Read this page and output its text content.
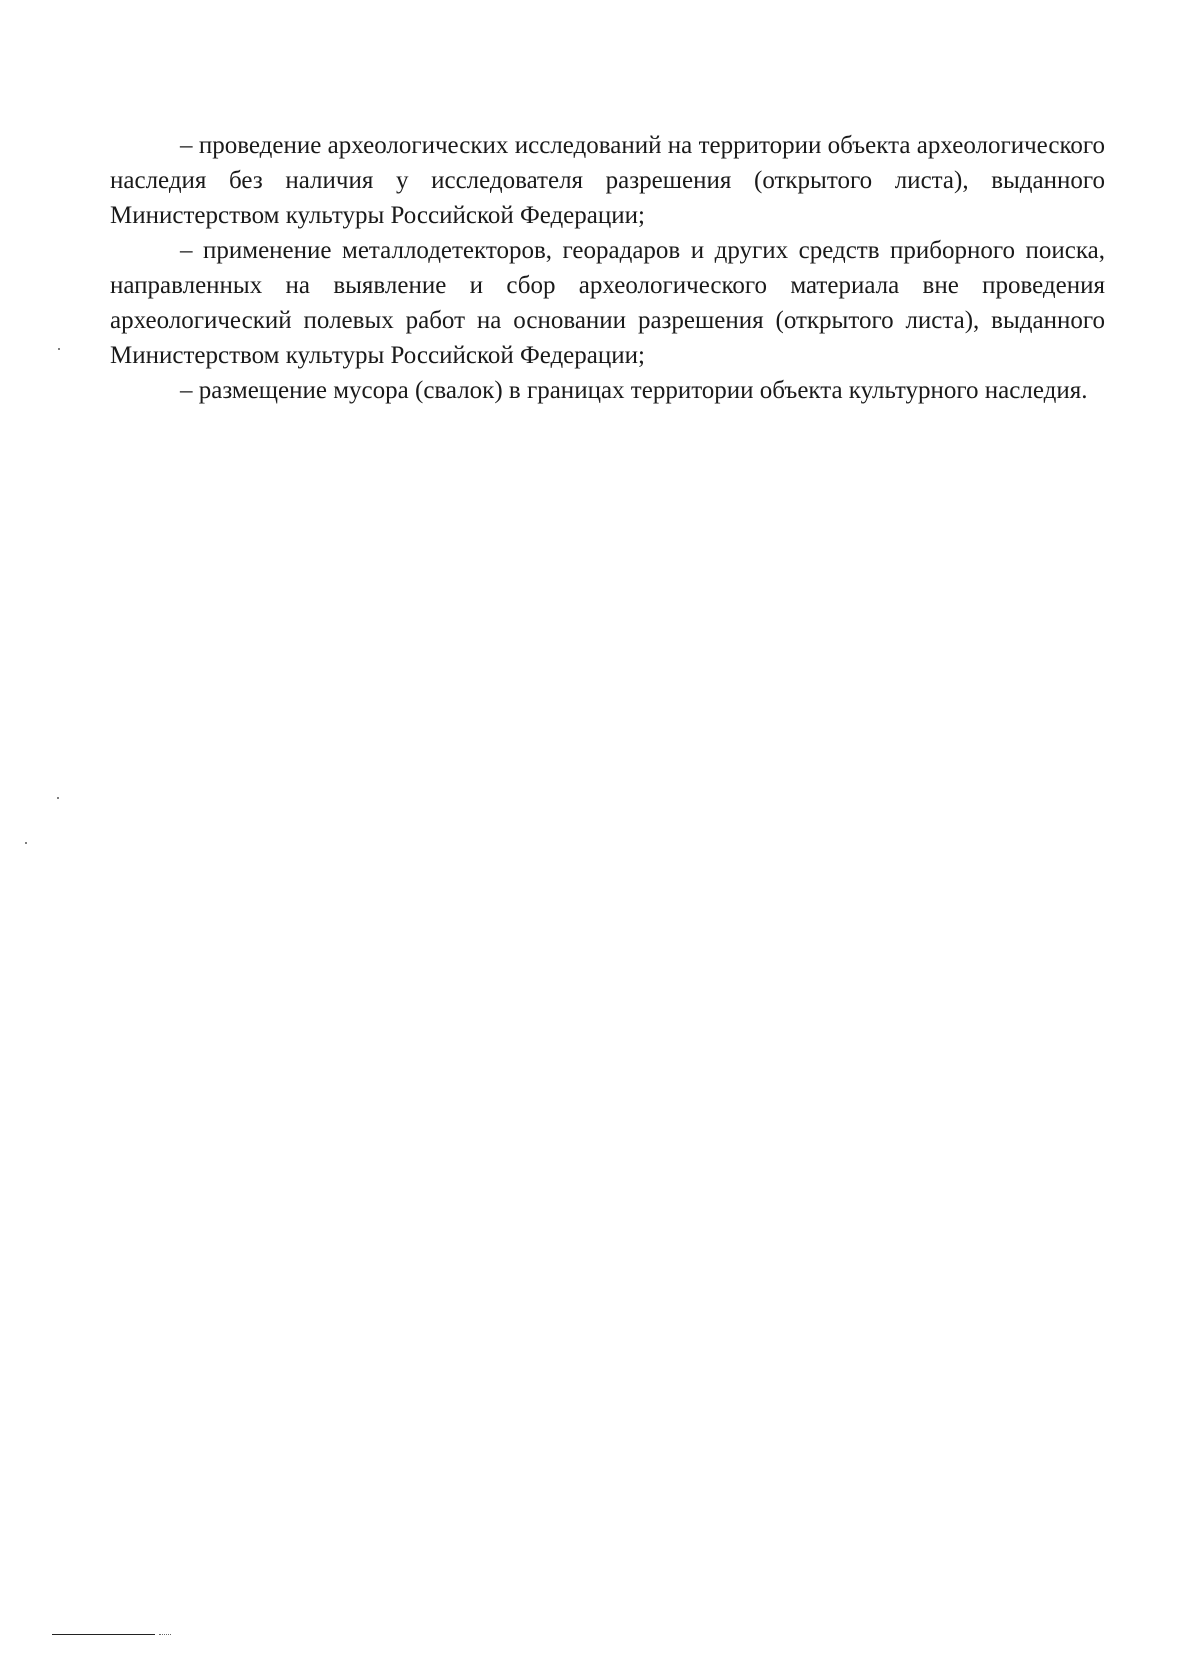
– проведение археологических исследований на территории объекта археологического наследия без наличия у исследователя разрешения (открытого листа), выданного Министерством культуры Российской Федерации;

– применение металлодетекторов, георадаров и других средств приборного поиска, направленных на выявление и сбор археологического материала вне проведения археологический полевых работ на основании разрешения (открытого листа), выданного Министерством культуры Российской Федерации;

– размещение мусора (свалок) в границах территории объекта культурного наследия.
